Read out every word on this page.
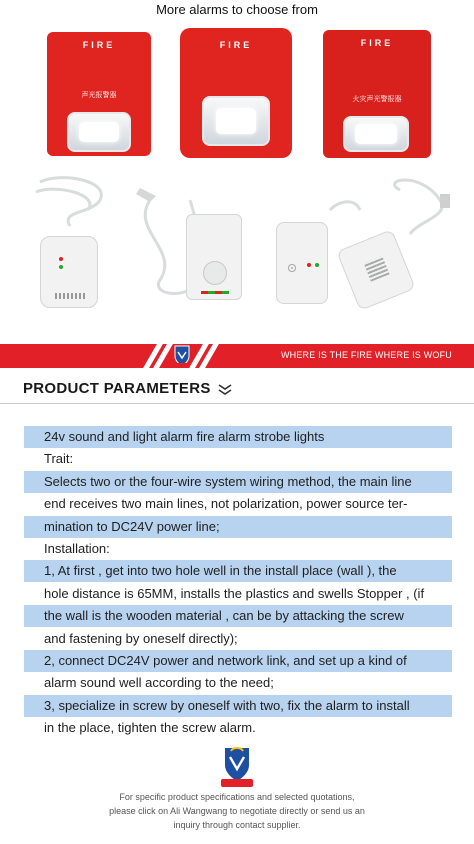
More alarms to choose from
FIRE
声光报警器
FIRE	FIRE
火灾声光警报器
WHERE IS THE FIRE WHERE IS WOFU
PRODUCT PARAMETERS
24v sound and light alarm fire alarm strobe lights
Trait:
Selects two or the four-wire system wiring method, the main line
end receives two main lines, not polarization, power source ter-
mination to DC24V power line;
Installation:
1, At first , get into two hole well in the install place (wall ), the
hole distance is 65MM, installs the plastics and swells Stopper , (if
the wall is the wooden material , can be by attacking the screw
and fastening by oneself directly);
2, connect DC24V power and network link, and set up a kind of
alarm sound well according to the need;
3, specialize in screw by oneself with two, fix the alarm to install
in the place, tighten the screw alarm.
For specific product specifications and selected quotations,
please click on Ali Wangwang to negotiate directly or send us an
inquiry through contact supplier.
